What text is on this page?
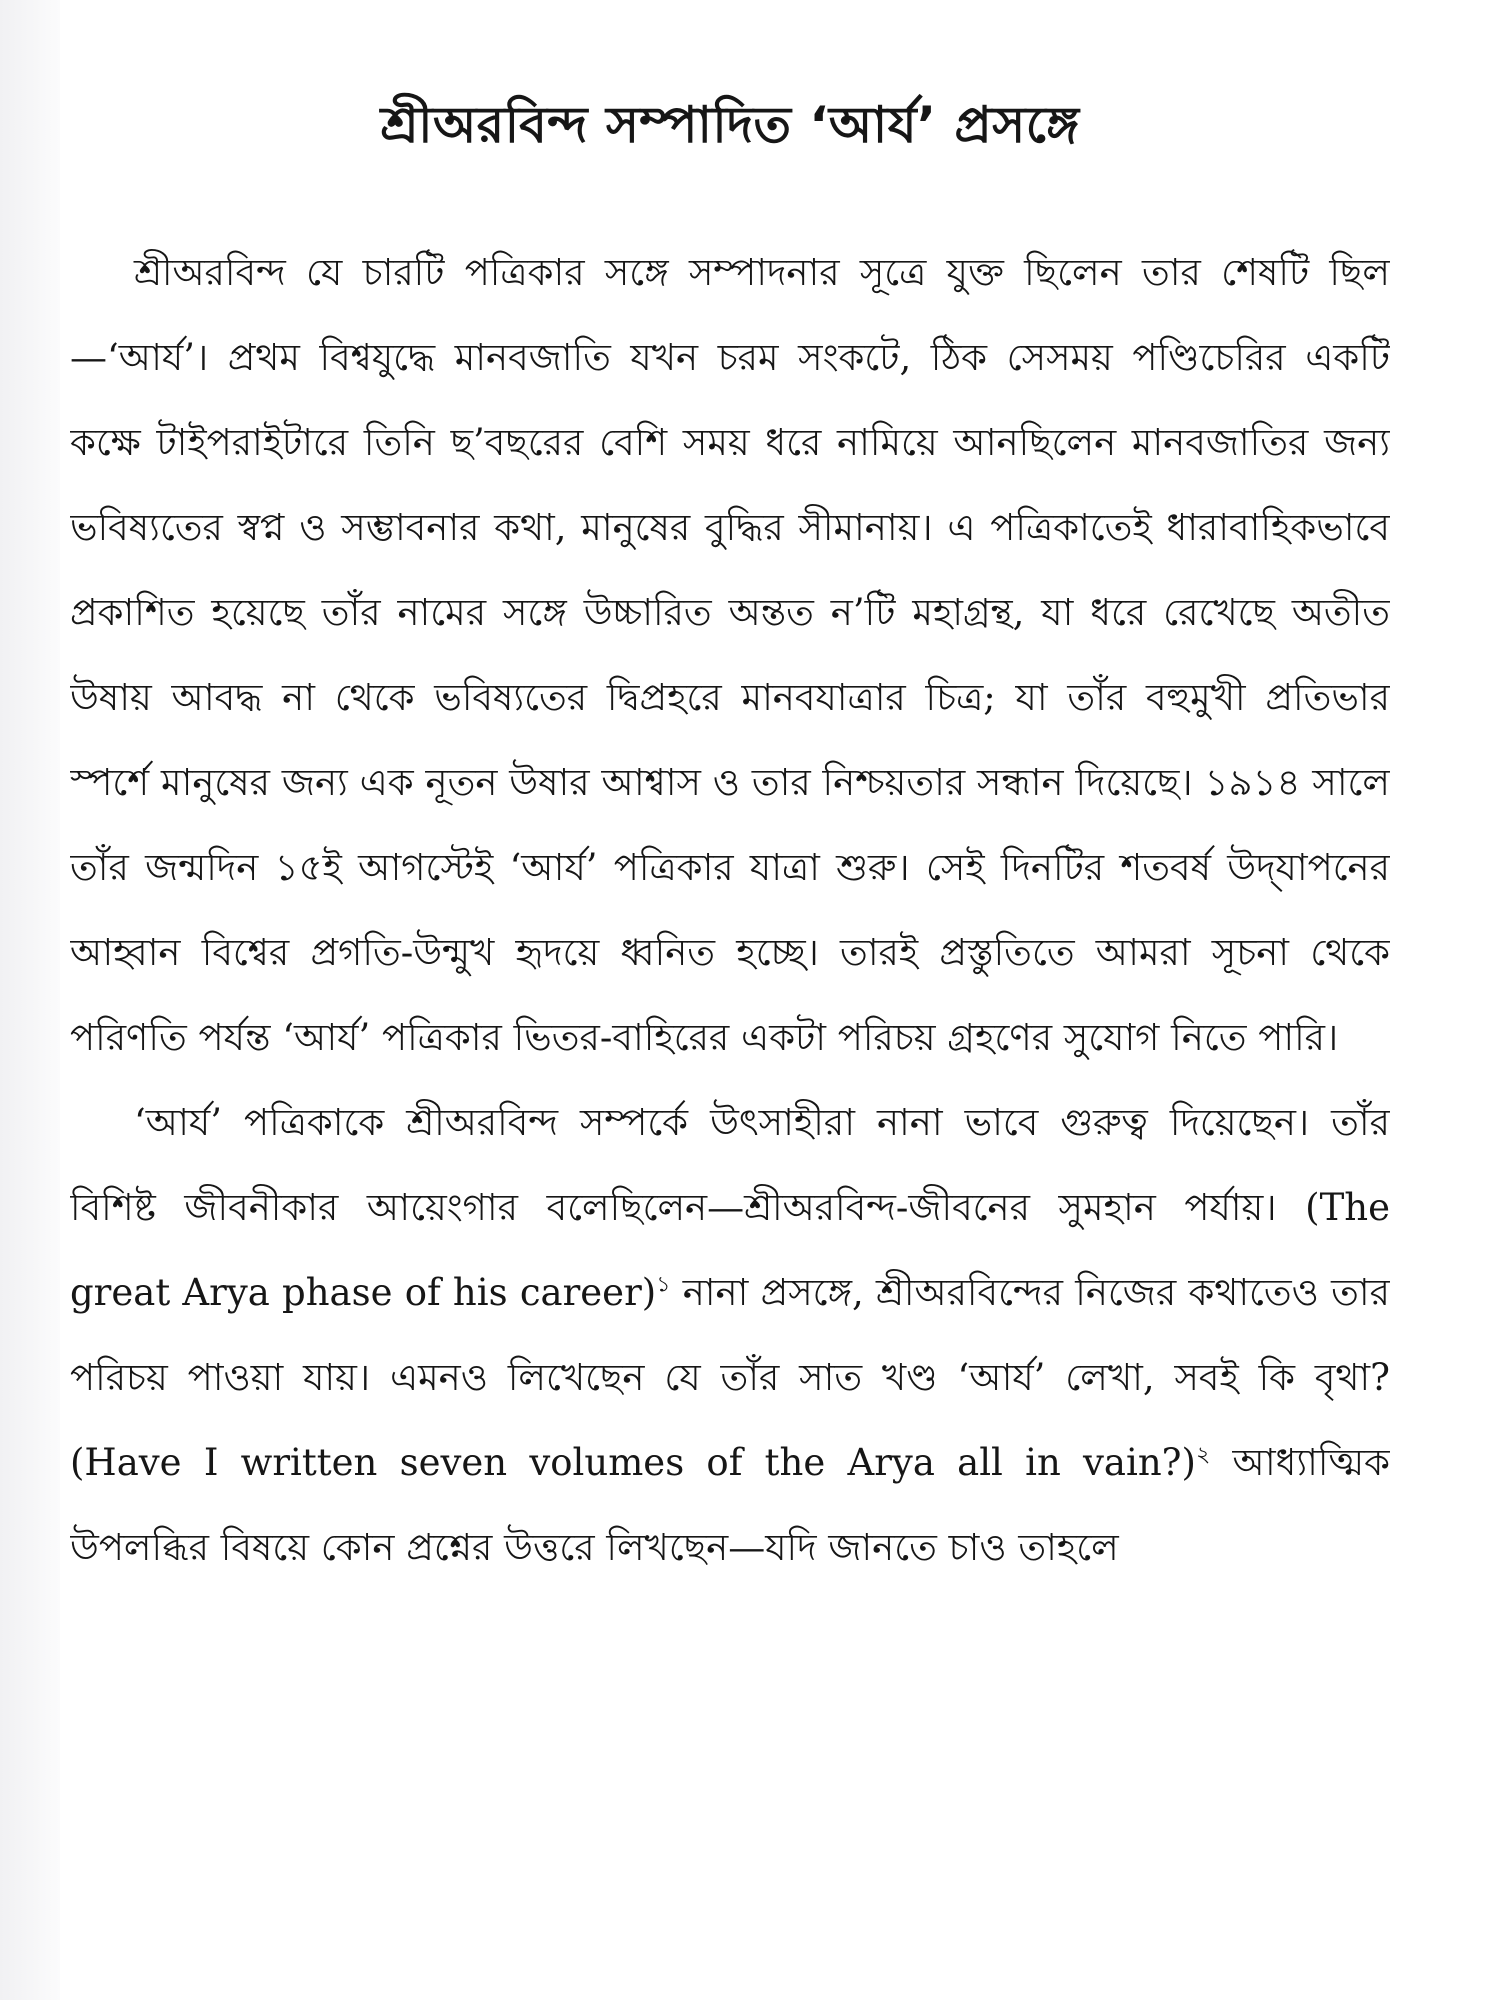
শ্রীঅরবিন্দ সম্পাদিত ‘আর্য’ প্রসঙ্গে

শ্রীঅরবিন্দ যে চারটি পত্রিকার সঙ্গে সম্পাদনার সূত্রে যুক্ত ছিলেন তার শেষটি ছিল—‘আর্য’। প্রথম বিশ্বযুদ্ধে মানবজাতি যখন চরম সংকটে, ঠিক সেসময় পণ্ডিচেরির একটি কক্ষে টাইপরাইটারে তিনি ছ’বছরের বেশি সময় ধরে নামিয়ে আনছিলেন মানবজাতির জন্য ভবিষ্যতের স্বপ্ন ও সম্ভাবনার কথা, মানুষের বুদ্ধির সীমানায়। এ পত্রিকাতেই ধারাবাহিকভাবে প্রকাশিত হয়েছে তাঁর নামের সঙ্গে উচ্চারিত অন্তত ন’টি মহাগ্রন্থ, যা ধরে রেখেছে অতীত উষায় আবদ্ধ না থেকে ভবিষ্যতের দ্বিপ্রহরে মানবযাত্রার চিত্র; যা তাঁর বহুমুখী প্রতিভার স্পর্শে মানুষের জন্য এক নূতন উষার আশ্বাস ও তার নিশ্চয়তার সন্ধান দিয়েছে। ১৯১৪ সালে তাঁর জন্মদিন ১৫ই আগস্টেই ‘আর্য’ পত্রিকার যাত্রা শুরু। সেই দিনটির শতবর্ষ উদ্‌যাপনের আহ্বান বিশ্বের প্রগতি-উন্মুখ হৃদয়ে ধ্বনিত হচ্ছে। তারই প্রস্তুতিতে আমরা সূচনা থেকে পরিণতি পর্যন্ত ‘আর্য’ পত্রিকার ভিতর-বাহিরের একটা পরিচয় গ্রহণের সুযোগ নিতে পারি।

‘আর্য’ পত্রিকাকে শ্রীঅরবিন্দ সম্পর্কে উৎসাহীরা নানা ভাবে গুরুত্ব দিয়েছেন। তাঁর বিশিষ্ট জীবনীকার আয়েংগার বলেছিলেন—শ্রীঅরবিন্দ-জীবনের সুমহান পর্যায়। (The great Arya phase of his career)$^১$ নানা প্রসঙ্গে, শ্রীঅরবিন্দের নিজের কথাতেও তার পরিচয় পাওয়া যায়। এমনও লিখেছেন যে তাঁর সাত খণ্ড ‘আর্য’ লেখা, সবই কি বৃথা? (Have I written seven volumes of the Arya all in vain?)$^২$ আধ্যাত্মিক উপলব্ধির বিষয়ে কোন প্রশ্নের উত্তরে লিখছেন—যদি জানতে চাও তাহলে
